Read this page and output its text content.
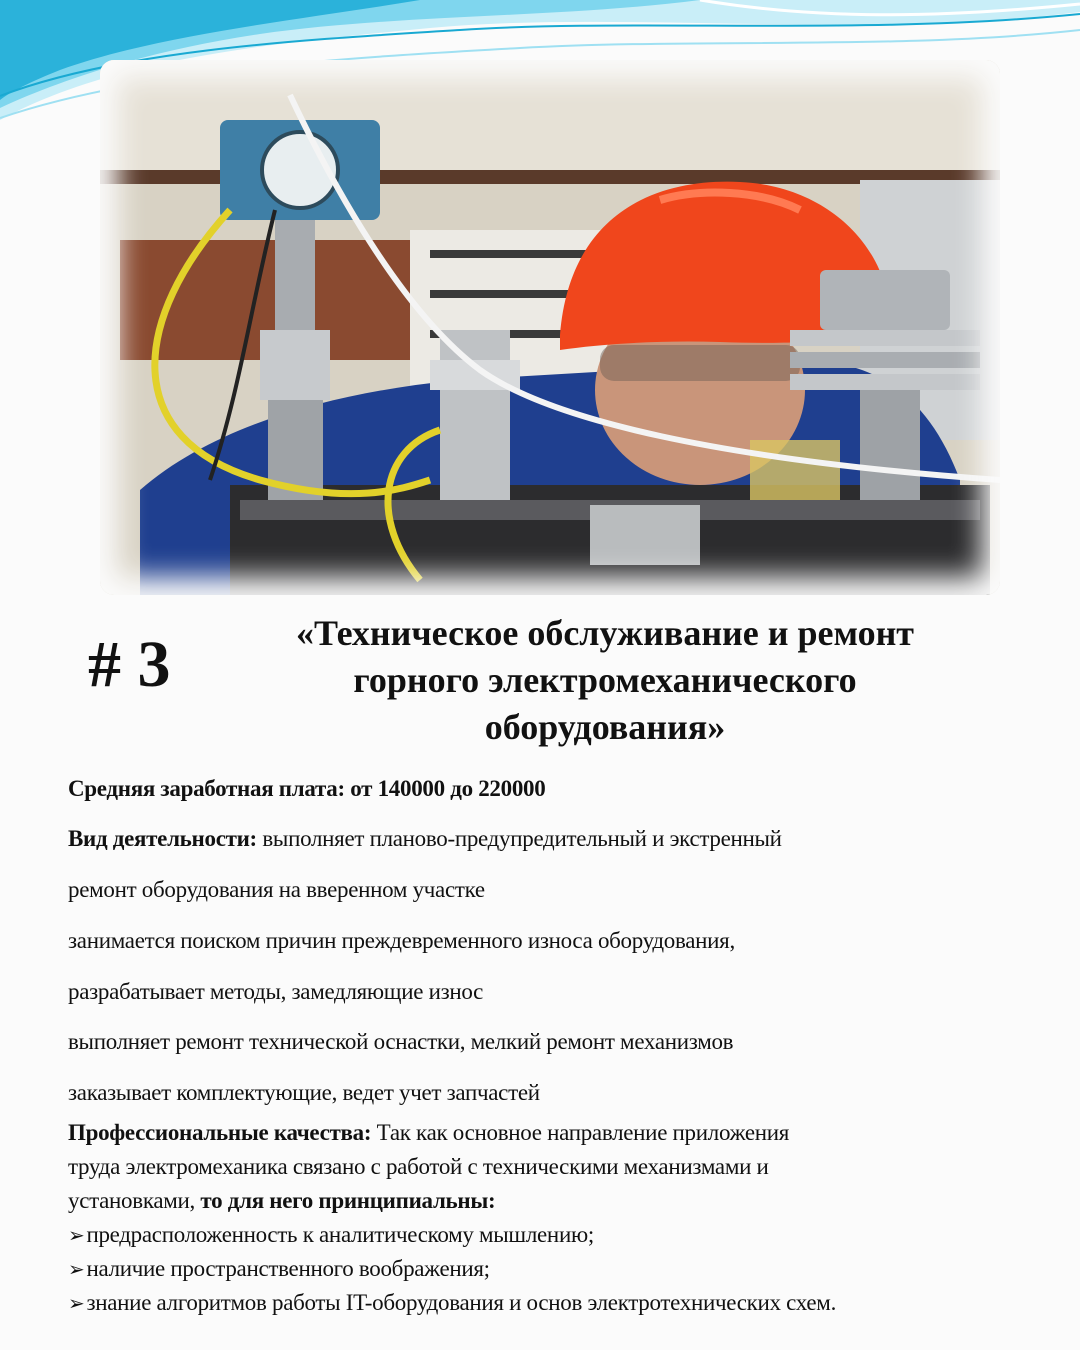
# 3	«Техническое обслуживание и ремонт
горного электромеханического
оборудования»
Средняя заработная плата: от 140000 до 220000
Вид деятельности: выполняет планово-предупредительный и экстренный
ремонт оборудования на вверенном участке
занимается поиском причин преждевременного износа оборудования,
разрабатывает методы, замедляющие износ
выполняет ремонт технической оснастки, мелкий ремонт механизмов
заказывает комплектующие, ведет учет запчастей
Профессиональные качества: Так как основное направление приложения
труда электромеханика связано с работой с техническими механизмами и
установками, то для него принципиальны:
➢предрасположенность к аналитическому мышлению;
➢наличие пространственного воображения;
➢знание алгоритмов работы IT-оборудования и основ электротехнических схем.
